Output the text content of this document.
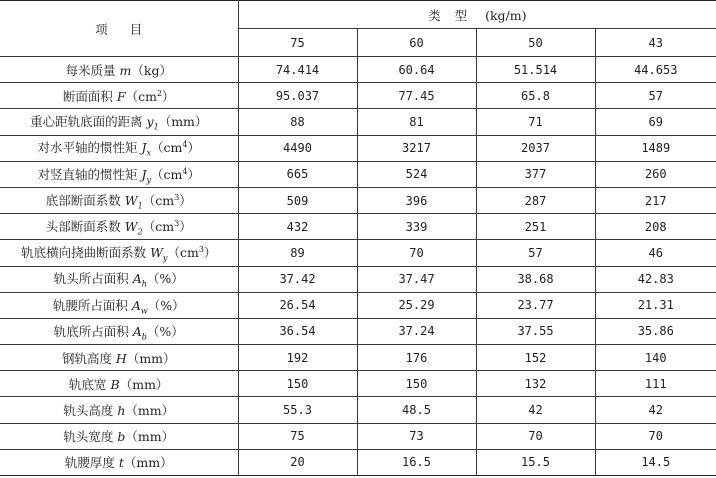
项目	类型 (kg/m)			
	75	60	50	43
每米质量 m（kg）	74.414	60.64	51.514	44.653
断面面积 $F(cm^2)$	95.037	77.45	65.8	57
重心距轨底面的距离 $y_1(mm)$	88	81	71	69
对水平轴的惯性矩 $J_x(cm^4)$	4490	3217	2037	1489
对竖直轴的惯性矩 $J_y(cm^4)$	665	524	377	260
底部断面系数 $W_1(cm^3)$	509	396	287	217
头部断面系数 $W_2(cm^3)$	432	339	251	208
轨底横向挠曲断面系数 $W_y(cm^3)$	89	70	57	46
轨头所占面积 $A_h(\%)$	37.42	37.47	38.68	42.83
轨腰所占面积 $A_w(\%)$	26.54	25.29	23.77	21.31
轨底所占面积 $A_b(\%)$	36.54	37.24	37.55	35.86
钢轨高度 H（mm）	192	176	152	140
轨底宽 B（mm）	150	150	132	111
轨头高度 h（mm）	55.3	48.5	42	42
轨头宽度 b（mm）	75	73	70	70
轨腰厚度 t（mm）	20	16.5	15.5	14.5
